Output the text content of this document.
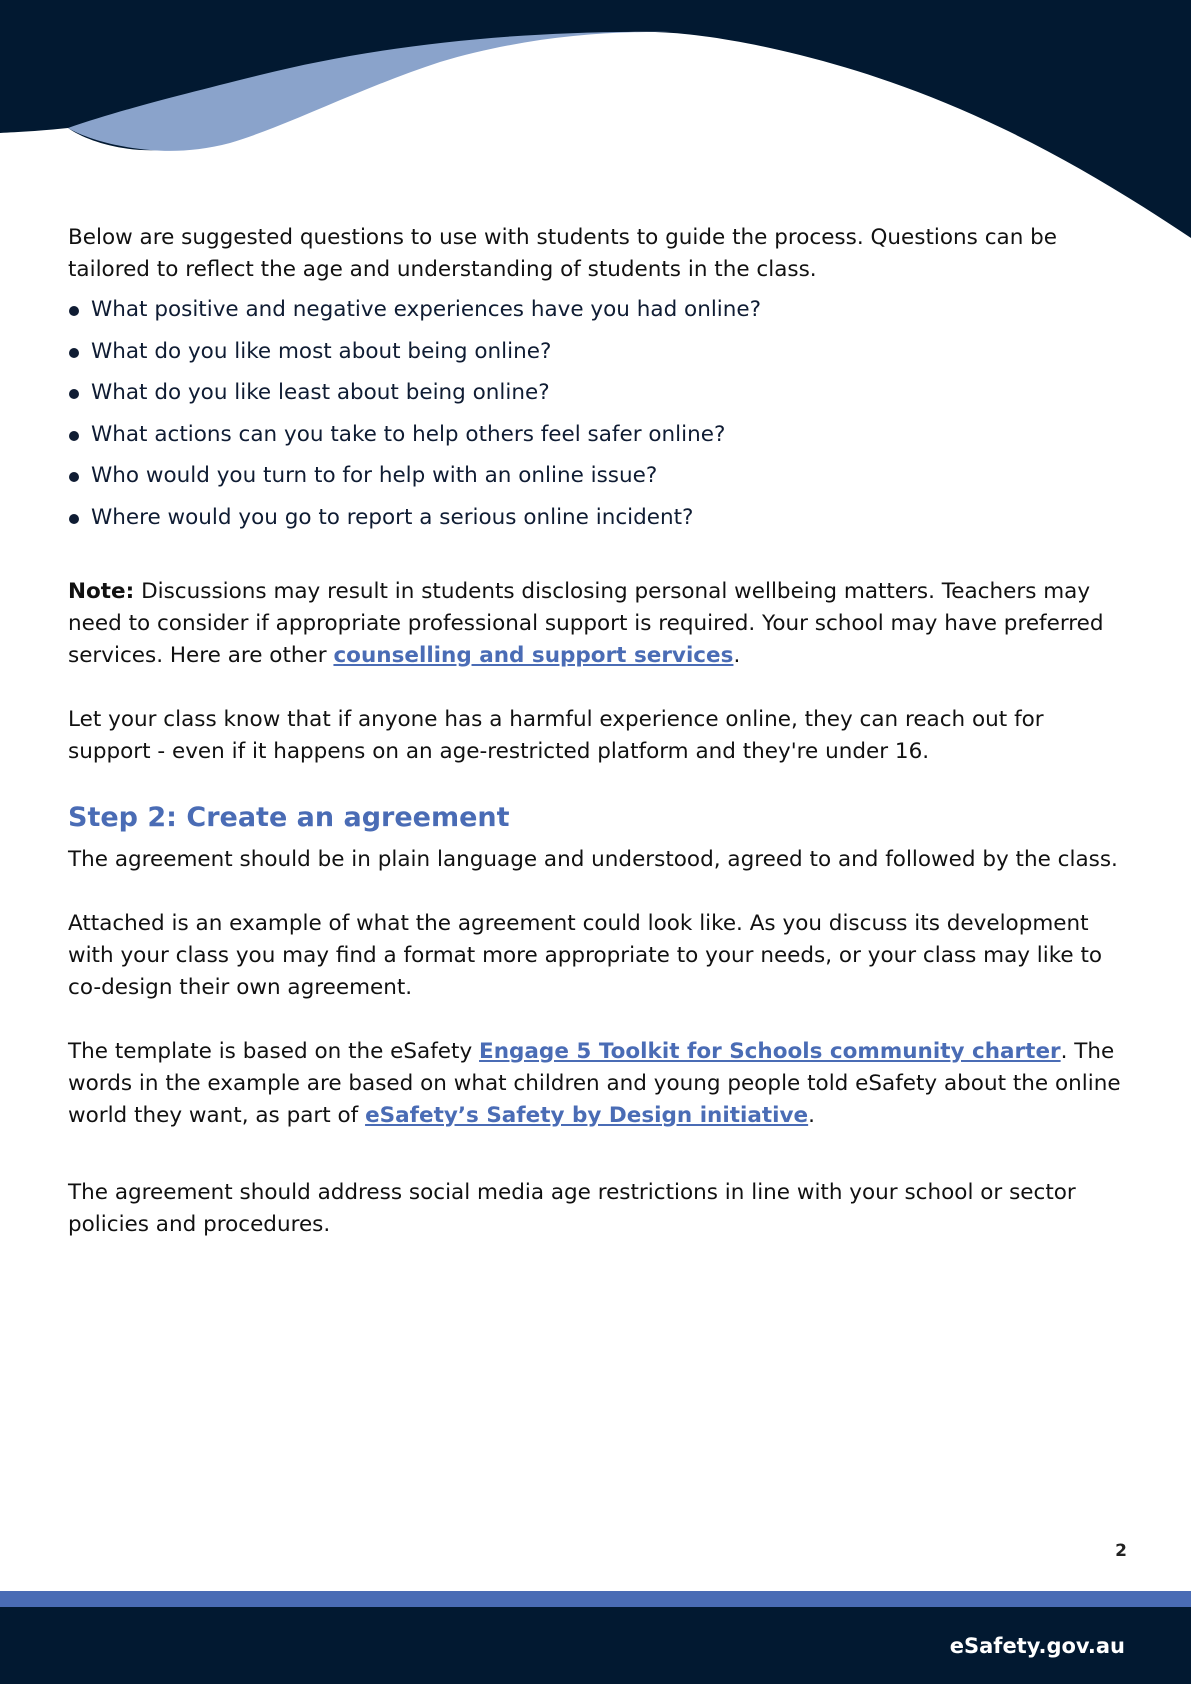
Below are suggested questions to use with students to guide the process. Questions can be tailored to reflect the age and understanding of students in the class.

What positive and negative experiences have you had online?
What do you like most about being online?
What do you like least about being online?
What actions can you take to help others feel safer online?
Who would you turn to for help with an online issue?
Where would you go to report a serious online incident?

Note: Discussions may result in students disclosing personal wellbeing matters. Teachers may need to consider if appropriate professional support is required. Your school may have preferred services. Here are other counselling and support services.

Let your class know that if anyone has a harmful experience online, they can reach out for support - even if it happens on an age-restricted platform and they're under 16.

Step 2: Create an agreement

The agreement should be in plain language and understood, agreed to and followed by the class.

Attached is an example of what the agreement could look like. As you discuss its development with your class you may find a format more appropriate to your needs, or your class may like to co-design their own agreement.

The template is based on the eSafety Engage 5 Toolkit for Schools community charter. The words in the example are based on what children and young people told eSafety about the online world they want, as part of eSafety’s Safety by Design initiative.

The agreement should address social media age restrictions in line with your school or sector policies and procedures.

2
eSafety.gov.au
